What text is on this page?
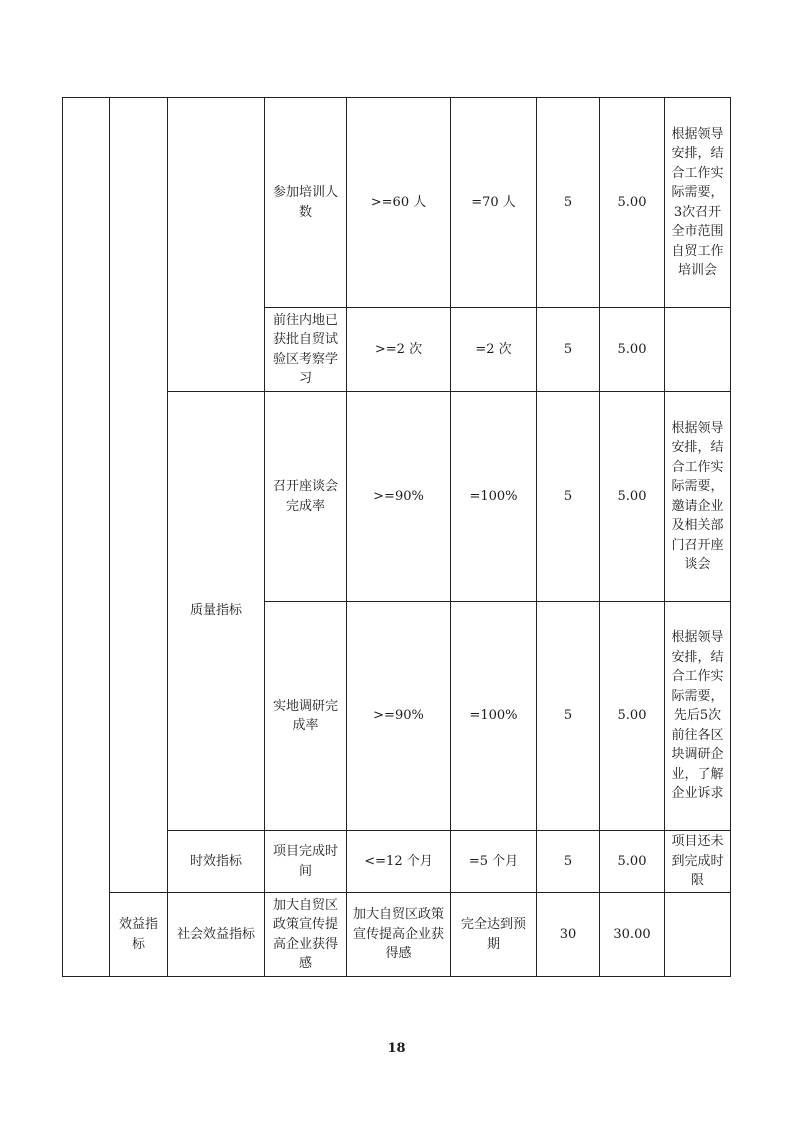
			参加培训人数	>=60 人	=70 人	5	5.00	根据领导安排，结合工作实际需要，3次召开全市范围自贸工作培训会
			前往内地已获批自贸试验区考察学习	>=2 次	=2 次	5	5.00	
		质量指标	召开座谈会完成率	>=90%	=100%	5	5.00	根据领导安排，结合工作实际需要，邀请企业及相关部门召开座谈会
			实地调研完成率	>=90%	=100%	5	5.00	根据领导安排，结合工作实际需要，先后5次前往各区块调研企业，了解企业诉求
		时效指标	项目完成时间	<=12 个月	=5 个月	5	5.00	项目还未到完成时限
	效益指标	社会效益指标	加大自贸区政策宣传提高企业获得感	加大自贸区政策宣传提高企业获得感	完全达到预期	30	30.00	
18
